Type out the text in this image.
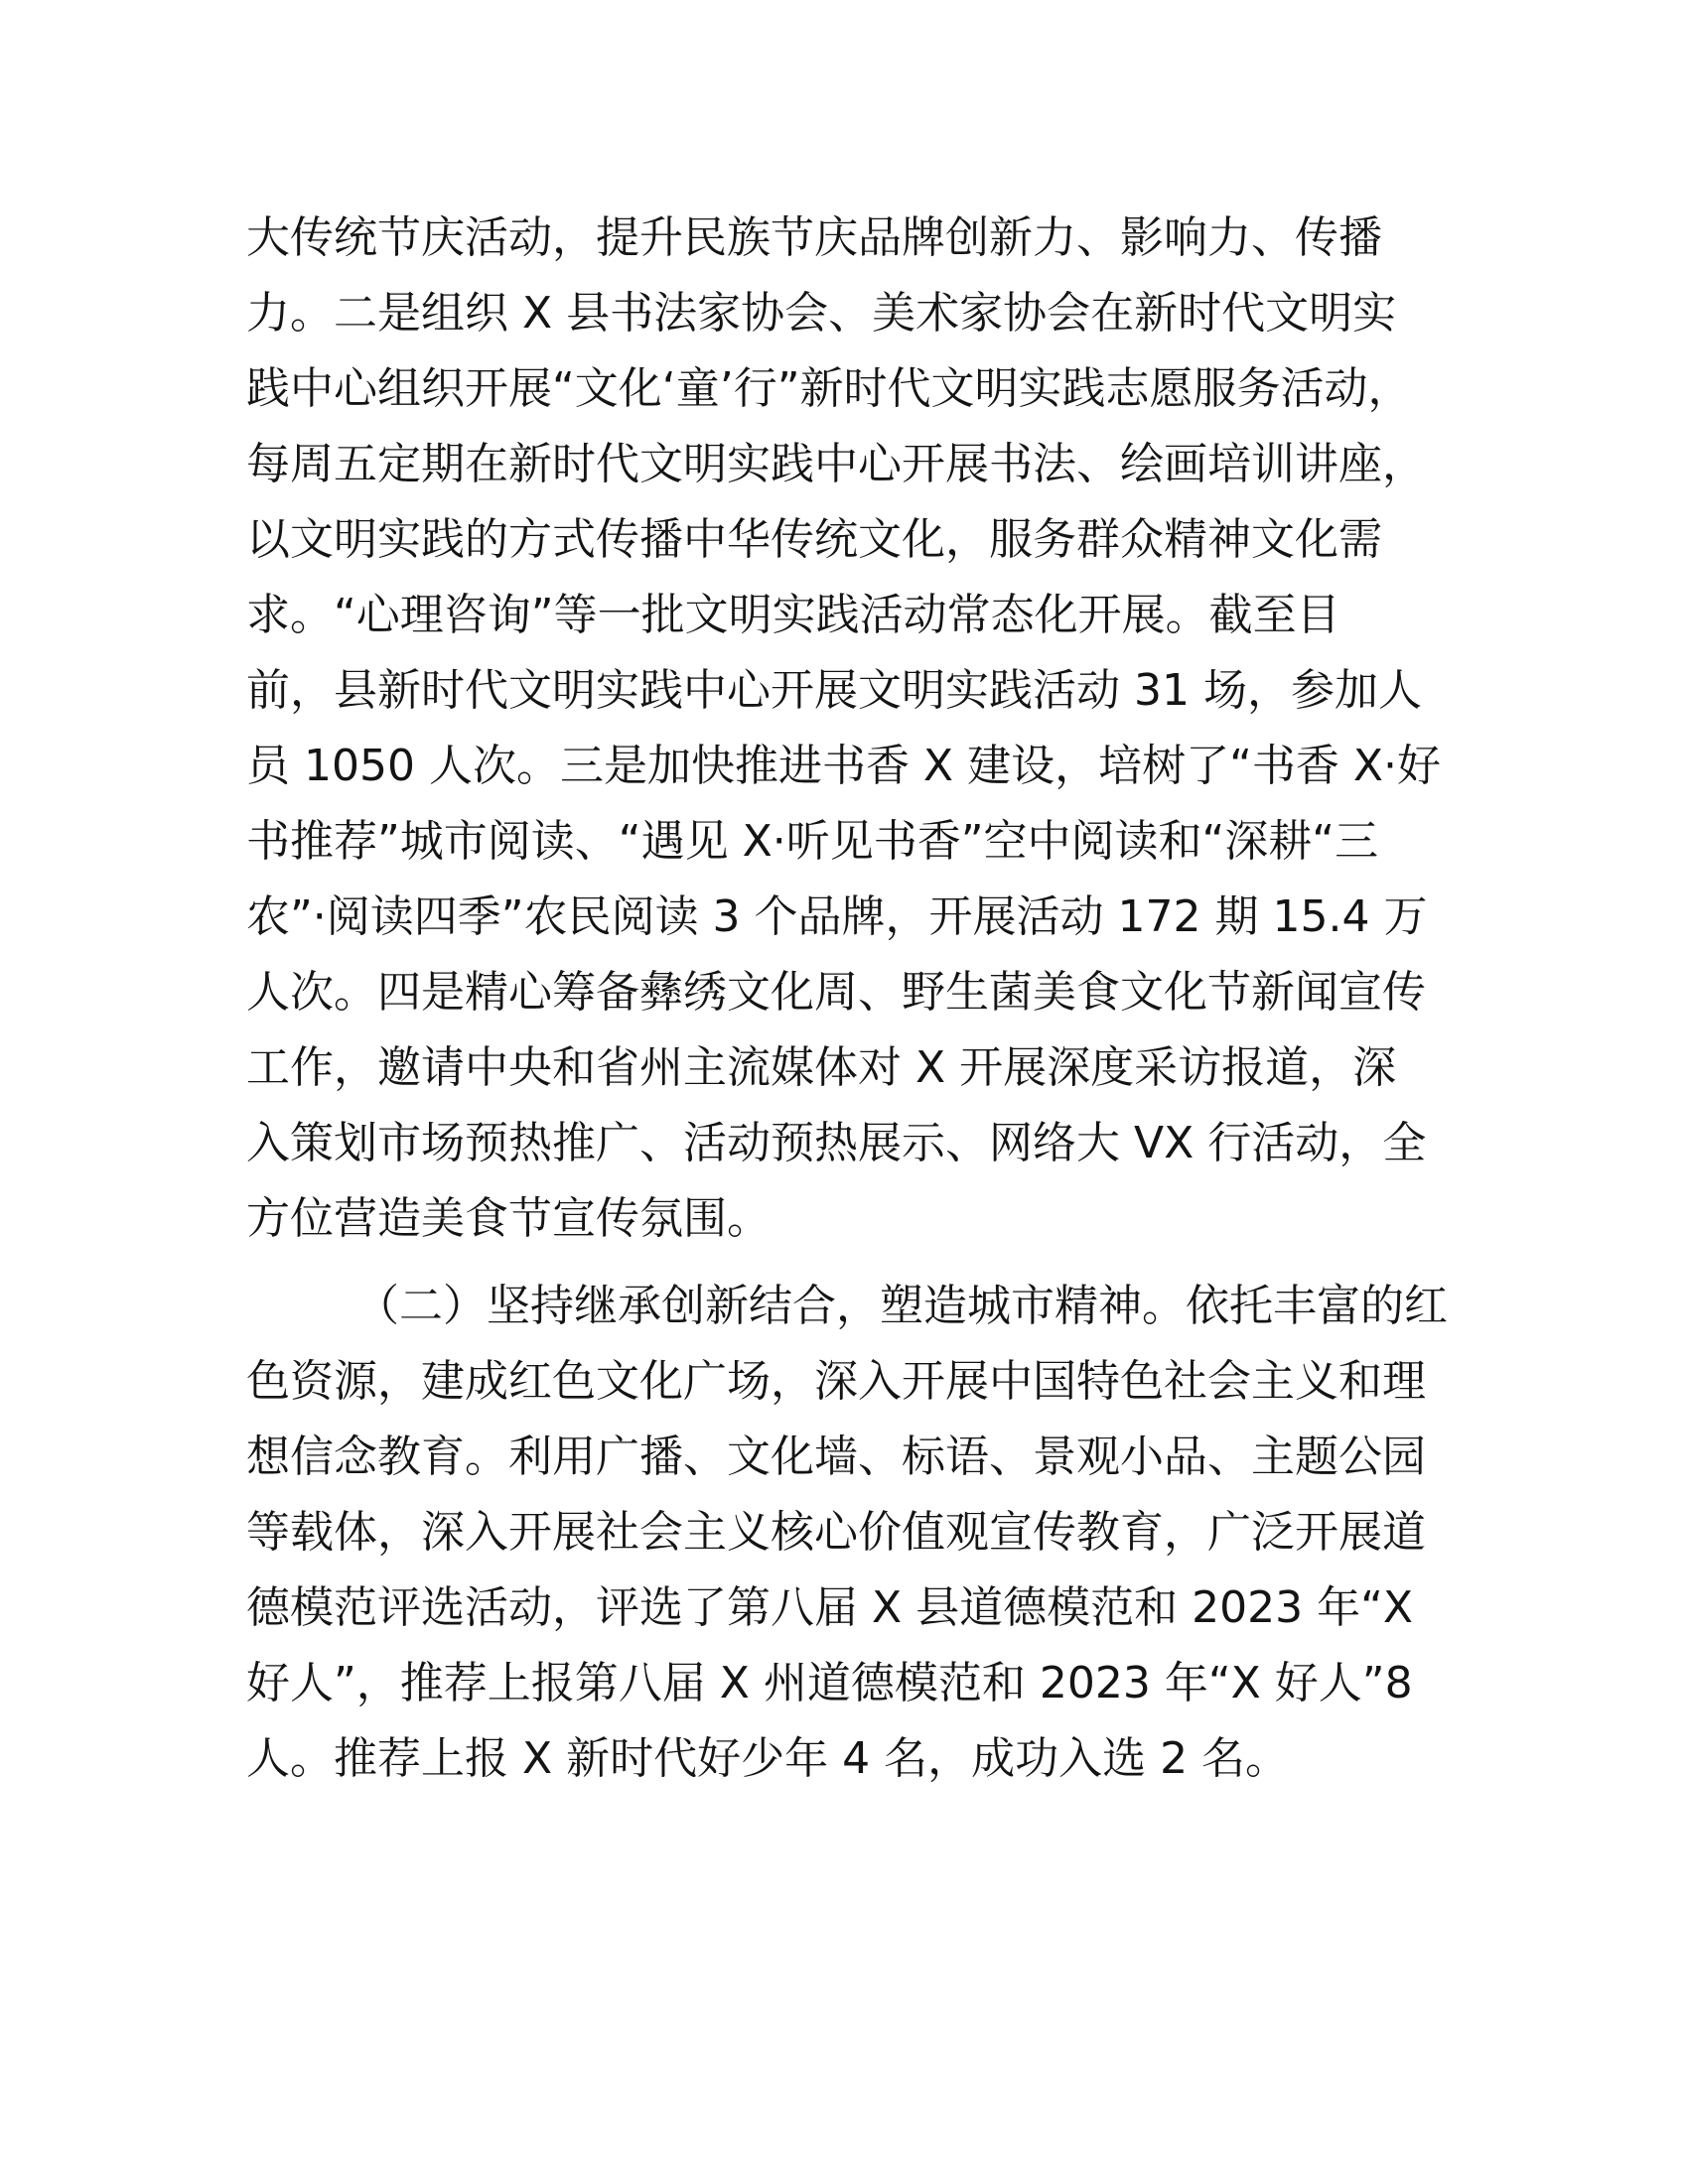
大传统节庆活动，提升民族节庆品牌创新力、影响力、传播

力。二是组织 X 县书法家协会、美术家协会在新时代文明实

践中心组织开展“文化‘童’行”新时代文明实践志愿服务活动，

每周五定期在新时代文明实践中心开展书法、绘画培训讲座，

以文明实践的方式传播中华传统文化，服务群众精神文化需

求。“心理咨询”等一批文明实践活动常态化开展。截至目

前，县新时代文明实践中心开展文明实践活动 31 场，参加人

员 1050 人次。三是加快推进书香 X 建设，培树了“书香 X·好

书推荐”城市阅读、“遇见 X·听见书香”空中阅读和“深耕“三

农”·阅读四季”农民阅读 3 个品牌，开展活动 172 期 15.4 万

人次。四是精心筹备彝绣文化周、野生菌美食文化节新闻宣传

工作，邀请中央和省州主流媒体对 X 开展深度采访报道，深

入策划市场预热推广、活动预热展示、网络大 VX 行活动，全

方位营造美食节宣传氛围。

（二）坚持继承创新结合，塑造城市精神。依托丰富的红

色资源，建成红色文化广场，深入开展中国特色社会主义和理

想信念教育。利用广播、文化墙、标语、景观小品、主题公园

等载体，深入开展社会主义核心价值观宣传教育，广泛开展道

德模范评选活动，评选了第八届 X 县道德模范和 2023 年“X

好人”，推荐上报第八届 X 州道德模范和 2023 年“X 好人”8

人。推荐上报 X 新时代好少年 4 名，成功入选 2 名。
